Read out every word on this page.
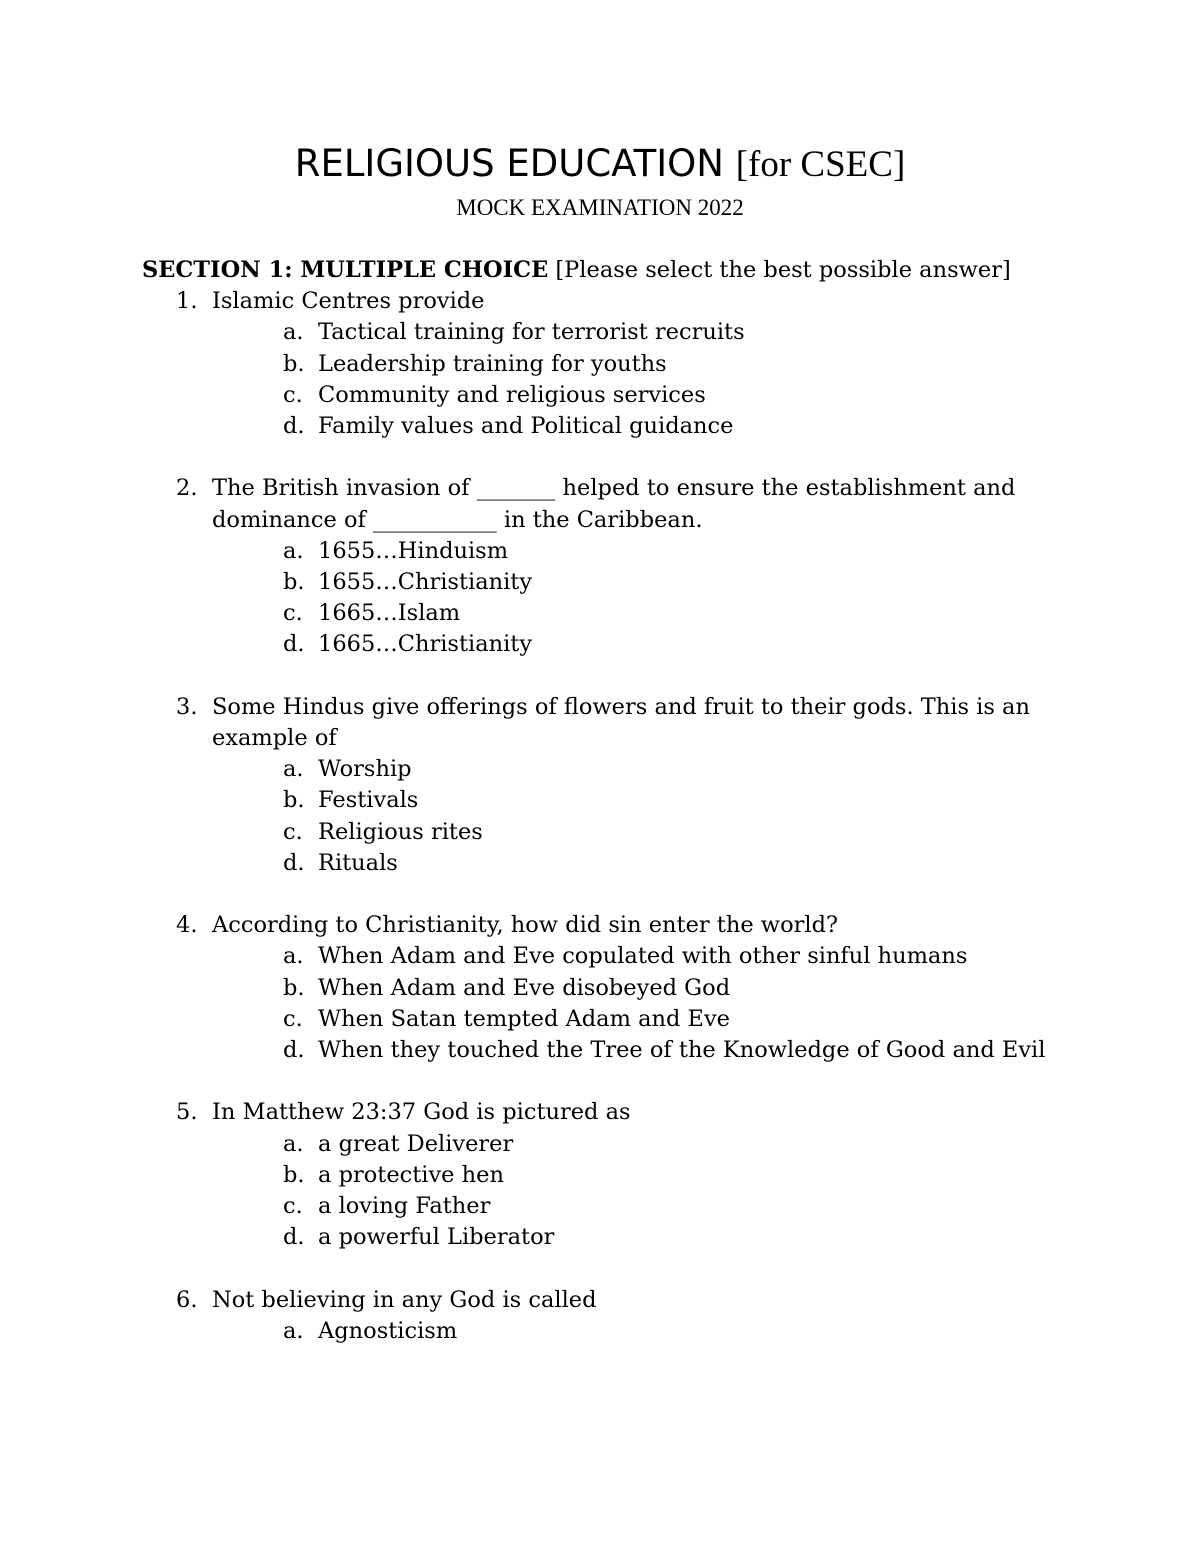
RELIGIOUS EDUCATION [for CSEC]
MOCK EXAMINATION 2022
SECTION 1: MULTIPLE CHOICE [Please select the best possible answer]
1. Islamic Centres provide
a. Tactical training for terrorist recruits
b. Leadership training for youths
c. Community and religious services
d. Family values and Political guidance
2. The British invasion of _______ helped to ensure the establishment and dominance of ___________ in the Caribbean.
a. 1655…Hinduism
b. 1655…Christianity
c. 1665…Islam
d. 1665…Christianity
3. Some Hindus give offerings of flowers and fruit to their gods. This is an example of
a. Worship
b. Festivals
c. Religious rites
d. Rituals
4. According to Christianity, how did sin enter the world?
a. When Adam and Eve copulated with other sinful humans
b. When Adam and Eve disobeyed God
c. When Satan tempted Adam and Eve
d. When they touched the Tree of the Knowledge of Good and Evil
5. In Matthew 23:37 God is pictured as
a. a great Deliverer
b. a protective hen
c. a loving Father
d. a powerful Liberator
6. Not believing in any God is called
a. Agnosticism
